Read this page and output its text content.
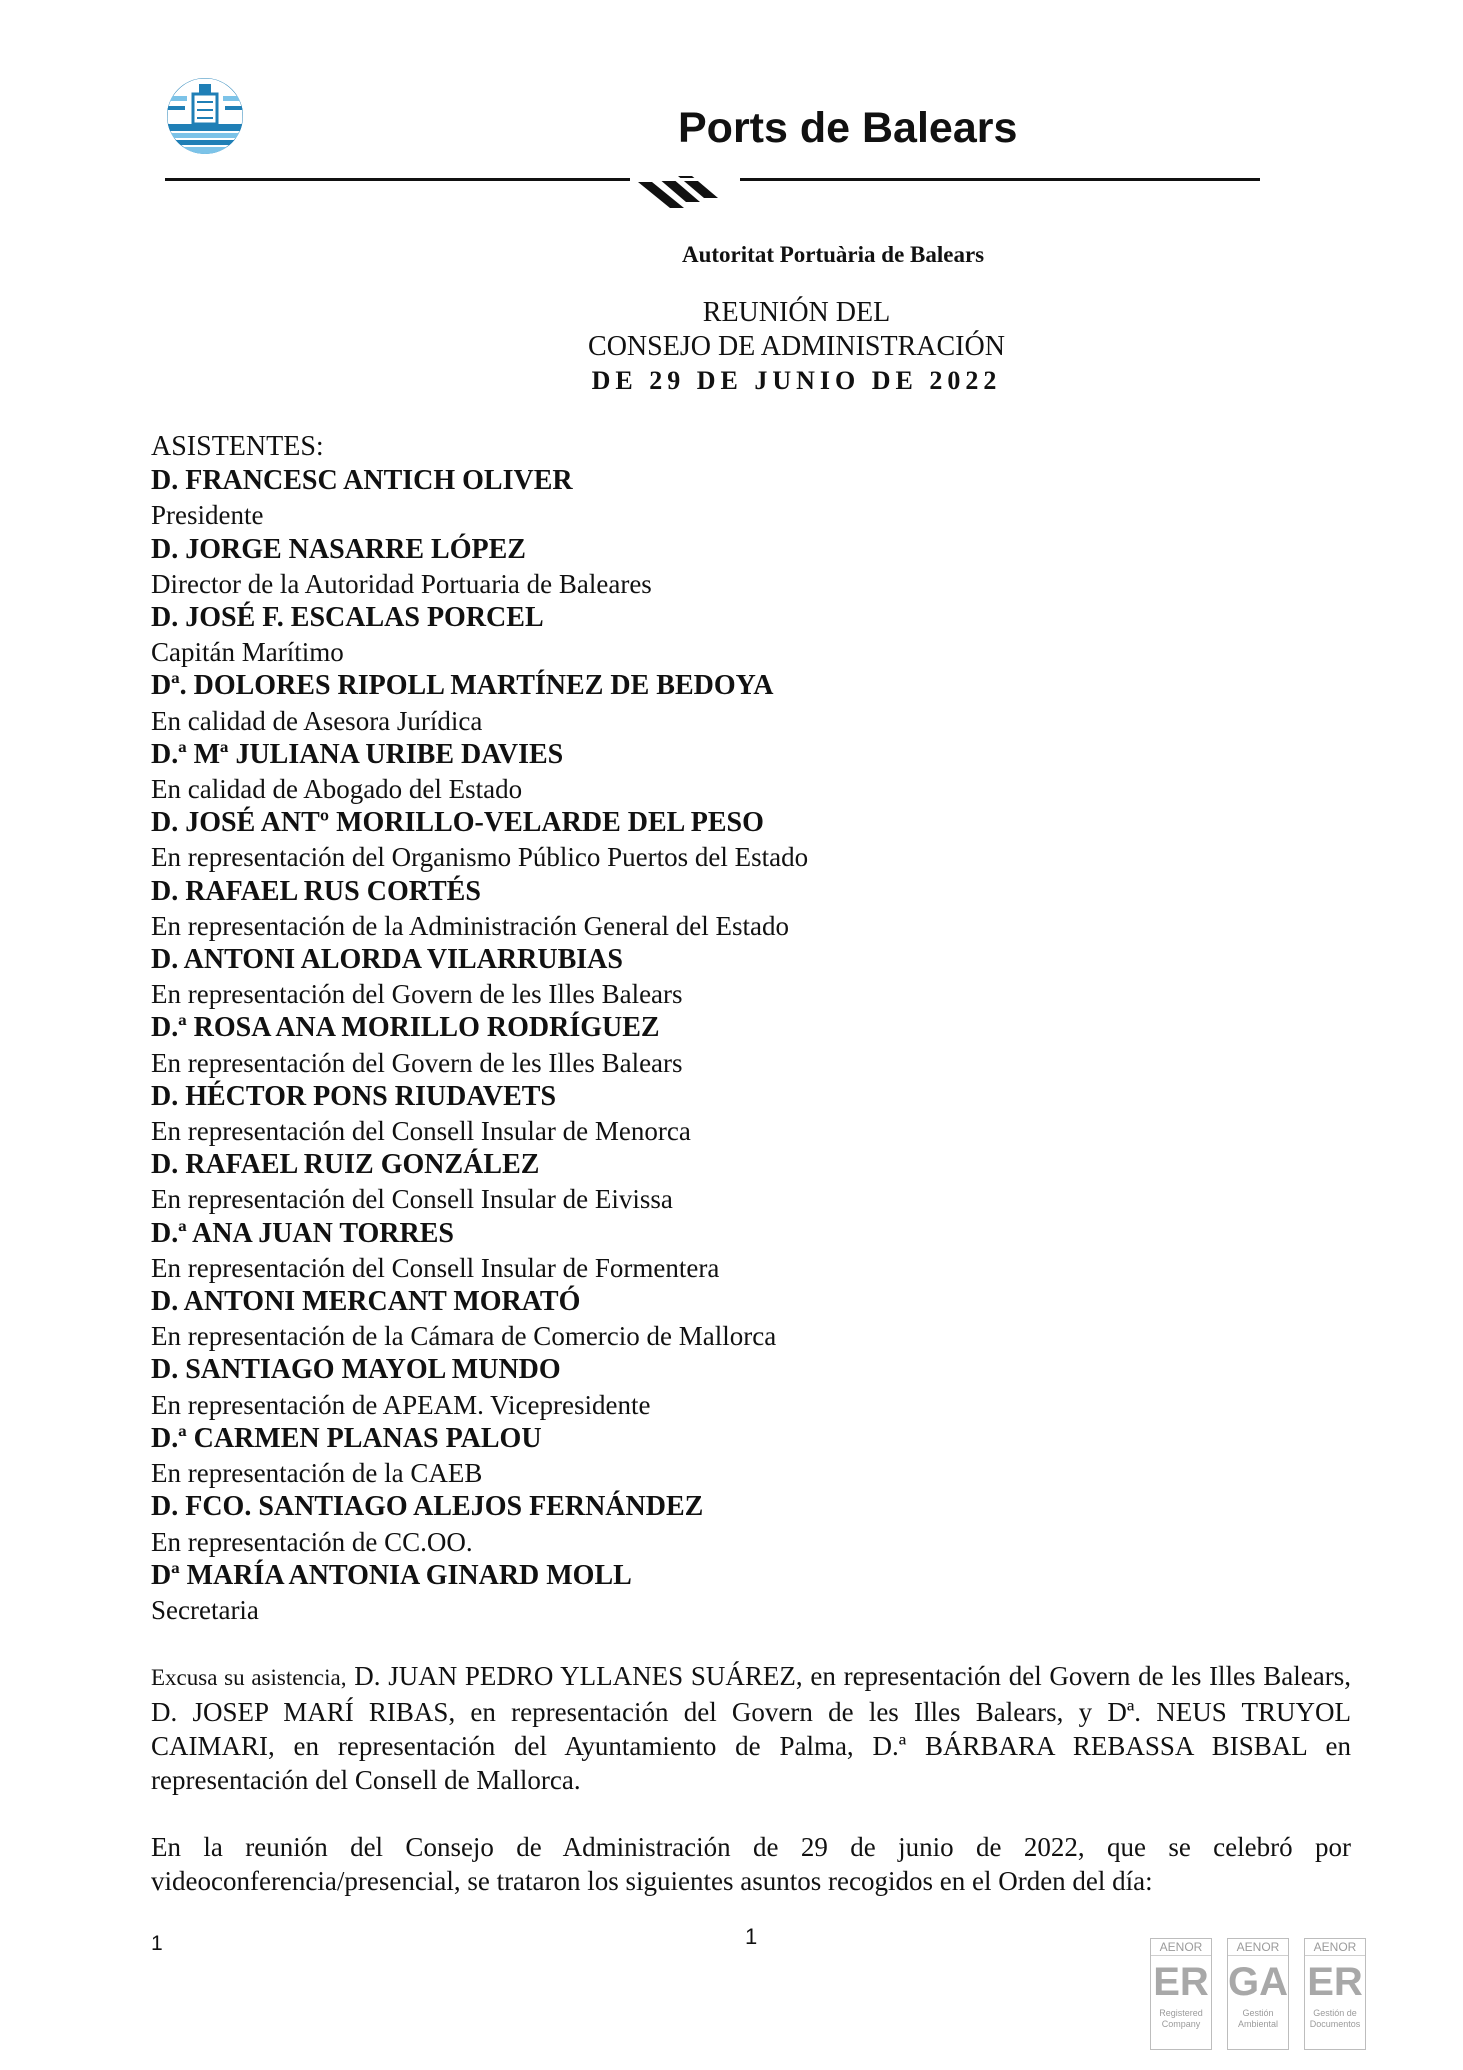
Ports de Balears
Autoritat Portuària de Balears
REUNIÓN DEL
CONSEJO DE ADMINISTRACIÓN
DE 29 DE JUNIO DE 2022
ASISTENTES:
D. FRANCESC ANTICH OLIVER
Presidente
D. JORGE NASARRE LÓPEZ
Director de la Autoridad Portuaria de Baleares
D. JOSÉ F. ESCALAS PORCEL
Capitán Marítimo
Dª. DOLORES RIPOLL MARTÍNEZ DE BEDOYA
En calidad de Asesora Jurídica
D.ª Mª JULIANA URIBE DAVIES
En calidad de Abogado del Estado
D. JOSÉ ANTº MORILLO-VELARDE DEL PESO
En representación del Organismo Público Puertos del Estado
D. RAFAEL RUS CORTÉS
En representación de la Administración General del Estado
D. ANTONI ALORDA VILARRUBIAS
En representación del Govern de les Illes Balears
D.ª ROSA ANA MORILLO RODRÍGUEZ
En representación del Govern de les Illes Balears
D. HÉCTOR PONS RIUDAVETS
En representación del Consell Insular de Menorca
D. RAFAEL RUIZ GONZÁLEZ
En representación del Consell Insular de Eivissa
D.ª ANA JUAN TORRES
En representación del Consell Insular de Formentera
D. ANTONI MERCANT MORATÓ
En representación de la Cámara de Comercio de Mallorca
D. SANTIAGO MAYOL MUNDO
En representación de APEAM. Vicepresidente
D.ª CARMEN PLANAS PALOU
En representación de la CAEB
D. FCO. SANTIAGO ALEJOS FERNÁNDEZ
En representación de CC.OO.
Dª MARÍA ANTONIA GINARD MOLL
Secretaria
Excusa su asistencia, D. JUAN PEDRO YLLANES SUÁREZ, en representación del Govern de les Illes Balears, D. JOSEP MARÍ RIBAS, en representación del Govern de les Illes Balears, y Dª. NEUS TRUYOL CAIMARI, en representación del Ayuntamiento de Palma, D.ª BÁRBARA REBASSA BISBAL en representación del Consell de Mallorca.
En la reunión del Consejo de Administración de 29 de junio de 2022, que se celebró por videoconferencia/presencial, se trataron los siguientes asuntos recogidos en el Orden del día:
1	1	AENOR
ER
Registered Company
AENOR
GA
Gestión Ambiental
AENOR
ER
Gestión de Documentos
